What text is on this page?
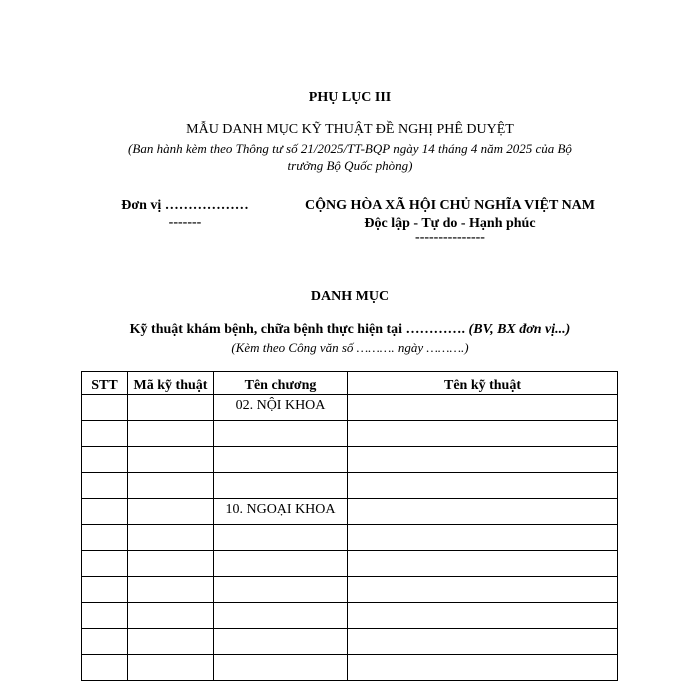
PHỤ LỤC III
MẪU DANH MỤC KỸ THUẬT ĐỀ NGHỊ PHÊ DUYỆT
(Ban hành kèm theo Thông tư số 21/2025/TT-BQP ngày 14 tháng 4 năm 2025 của Bộ
trưởng Bộ Quốc phòng)
Đơn vị ………………
-------
CỘNG HÒA XÃ HỘI CHỦ NGHĨA VIỆT NAM
Độc lập - Tự do - Hạnh phúc
---------------
DANH MỤC
Kỹ thuật khám bệnh, chữa bệnh thực hiện tại …………. (BV, BX đơn vị...)
(Kèm theo Công văn số ………. ngày ……….)
STT	Mã kỹ thuật	Tên chương	Tên kỹ thuật
		02. NỘI KHOA	

		10. NGOẠI KHOA	
